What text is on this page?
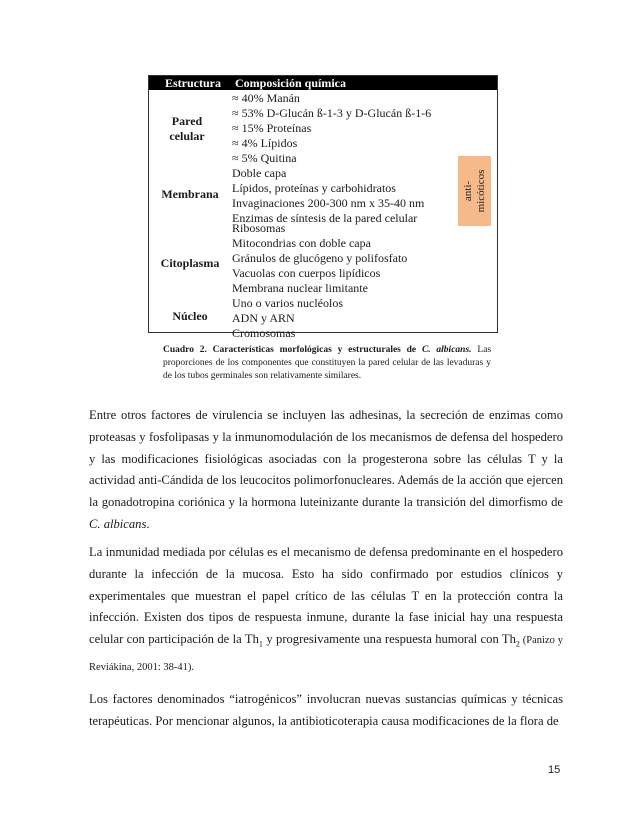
Estructura Composición química
Pared
celular
≈ 40% Manán
≈ 53% D-Glucán ß-1-3 y D-Glucán ß-1-6
≈ 15% Proteínas
≈ 4% Lípidos
≈ 5% Quitina
Membrana
Doble capa
Lípidos, proteínas y carbohidratos
Invaginaciones 200-300 nm x 35-40 nm
Enzimas de síntesis de la pared celular
Citoplasma
Ribosomas
Mitocondrias con doble capa
Gránulos de glucógeno y polifosfato
Vacuolas con cuerpos lipídicos
Núcleo
Membrana nuclear limitante
Uno o varios nucléolos
ADN y ARN
Cromosomas
anti- micóticos
Cuadro 2. Características morfológicas y estructurales de C. albicans. Las proporciones de los componentes que constituyen la pared celular de las levaduras y de los tubos germinales son relativamente similares.
Entre otros factores de virulencia se incluyen las adhesinas, la secreción de enzimas como proteasas y fosfolipasas y la inmunomodulación de los mecanismos de defensa del hospedero y las modificaciones fisiológicas asociadas con la progesterona sobre las células T y la actividad anti-Cándida de los leucocitos polimorfonucleares. Además de la acción que ejercen la gonadotropina coriónica y la hormona luteinizante durante la transición del dimorfismo de C. albicans.
La inmunidad mediada por células es el mecanismo de defensa predominante en el hospedero durante la infección de la mucosa. Esto ha sido confirmado por estudios clínicos y experimentales que muestran el papel crítico de las células T en la protección contra la infección. Existen dos tipos de respuesta inmune, durante la fase inicial hay una respuesta celular con participación de la $Th_1$ y progresivamente una respuesta humoral con $Th_2$ (Panizo y Reviákina, 2001: 38-41).
Los factores denominados “iatrogénicos” involucran nuevas sustancias químicas y técnicas terapéuticas. Por mencionar algunos, la antibioticoterapia causa modificaciones de la flora de
15
